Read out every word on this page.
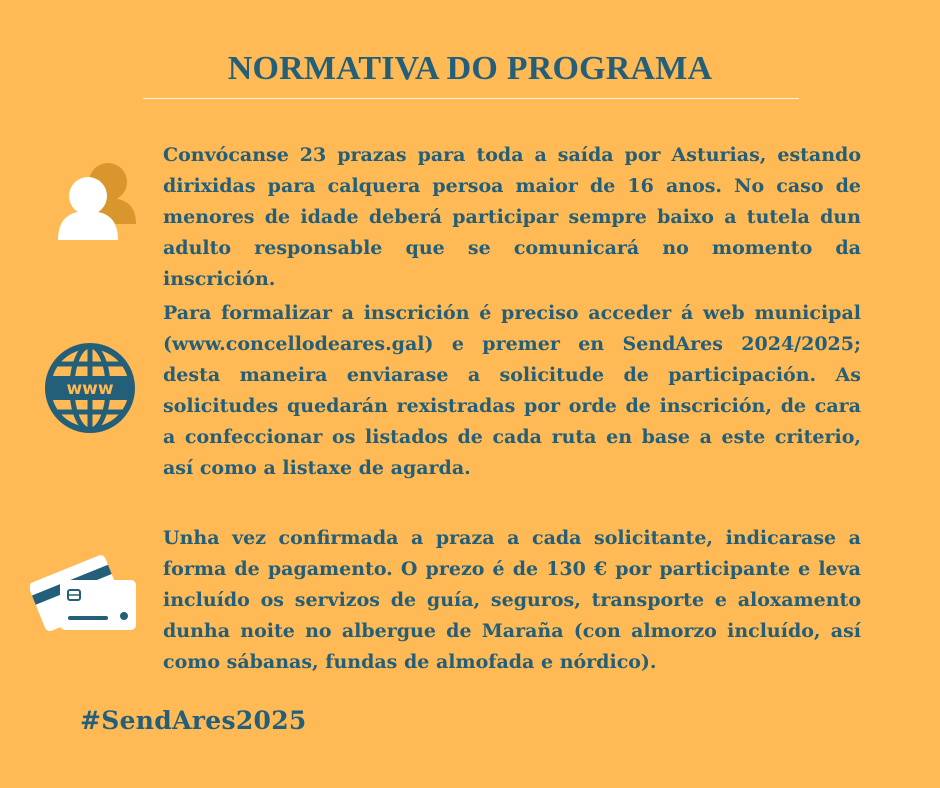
NORMATIVA DO PROGRAMA

Convócanse 23 prazas para toda a saída por Asturias, estando dirixidas para calquera persoa maior de 16 anos. No caso de menores de idade deberá participar sempre baixo a tutela dun adulto responsable que se comunicará no momento da inscrición.

www

Para formalizar a inscrición é preciso acceder á web municipal (www.concellodeares.gal) e premer en SendAres 2024/2025; desta maneira enviarase a solicitude de participación. As solicitudes quedarán rexistradas por orde de inscrición, de cara a confeccionar os listados de cada ruta en base a este criterio, así como a listaxe de agarda.

Unha vez confirmada a praza a cada solicitante, indicarase a forma de pagamento. O prezo é de 130 € por participante e leva incluído os servizos de guía, seguros, transporte e aloxamento dunha noite no albergue de Maraña (con almorzo incluído, así como sábanas, fundas de almofada e nórdico).

#SendAres2025
